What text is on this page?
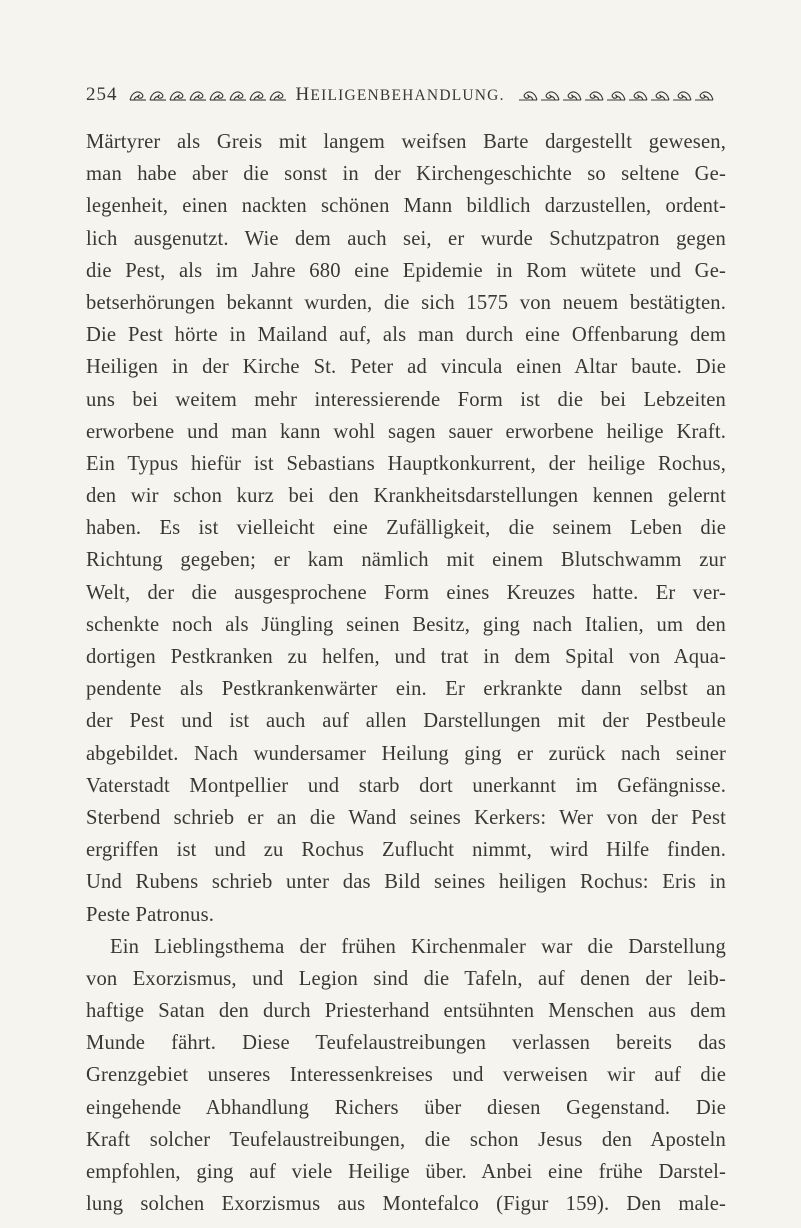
254	HEILIGENBEHANDLUNG.
Märtyrer als Greis mit langem weifsen Barte dargestellt gewesen,
man habe aber die sonst in der Kirchengeschichte so seltene Ge-
legenheit, einen nackten schönen Mann bildlich darzustellen, ordent-
lich ausgenutzt. Wie dem auch sei, er wurde Schutzpatron gegen
die Pest, als im Jahre 680 eine Epidemie in Rom wütete und Ge-
betserhörungen bekannt wurden, die sich 1575 von neuem bestätigten.
Die Pest hörte in Mailand auf, als man durch eine Offenbarung dem
Heiligen in der Kirche St. Peter ad vincula einen Altar baute. Die
uns bei weitem mehr interessierende Form ist die bei Lebzeiten
erworbene und man kann wohl sagen sauer erworbene heilige Kraft.
Ein Typus hiefür ist Sebastians Hauptkonkurrent, der heilige Rochus,
den wir schon kurz bei den Krankheitsdarstellungen kennen gelernt
haben. Es ist vielleicht eine Zufälligkeit, die seinem Leben die
Richtung gegeben; er kam nämlich mit einem Blutschwamm zur
Welt, der die ausgesprochene Form eines Kreuzes hatte. Er ver-
schenkte noch als Jüngling seinen Besitz, ging nach Italien, um den
dortigen Pestkranken zu helfen, und trat in dem Spital von Aqua-
pendente als Pestkrankenwärter ein. Er erkrankte dann selbst an
der Pest und ist auch auf allen Darstellungen mit der Pestbeule
abgebildet. Nach wundersamer Heilung ging er zurück nach seiner
Vaterstadt Montpellier und starb dort unerkannt im Gefängnisse.
Sterbend schrieb er an die Wand seines Kerkers: Wer von der Pest
ergriffen ist und zu Rochus Zuflucht nimmt, wird Hilfe finden.
Und Rubens schrieb unter das Bild seines heiligen Rochus: Eris in
Peste Patronus.
Ein Lieblingsthema der frühen Kirchenmaler war die Darstellung
von Exorzismus, und Legion sind die Tafeln, auf denen der leib-
haftige Satan den durch Priesterhand entsühnten Menschen aus dem
Munde fährt. Diese Teufelaustreibungen verlassen bereits das
Grenzgebiet unseres Interessenkreises und verweisen wir auf die
eingehende Abhandlung Richers über diesen Gegenstand. Die
Kraft solcher Teufelaustreibungen, die schon Jesus den Aposteln
empfohlen, ging auf viele Heilige über. Anbei eine frühe Darstel-
lung solchen Exorzismus aus Montefalco (Figur 159). Den male-
